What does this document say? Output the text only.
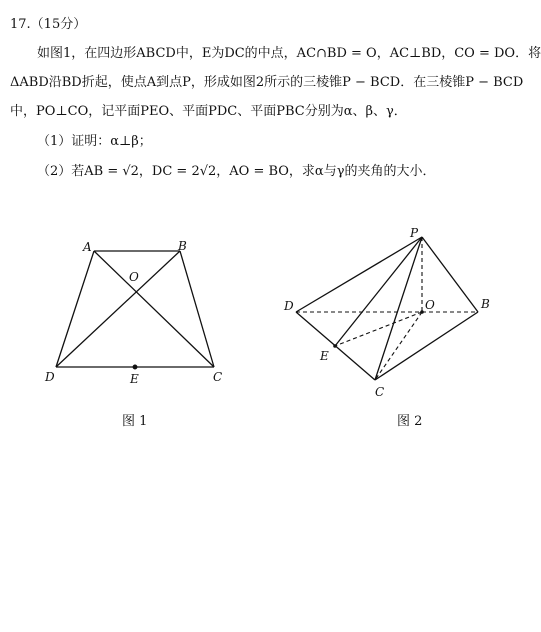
17.（15分）
如图1，在四边形ABCD中，E为DC的中点，AC∩BD = O，AC⊥BD，CO = DO．将
ΔABD沿BD折起，使点A到点P，形成如图2所示的三棱锥P − BCD．在三棱锥P − BCD
中，PO⊥CO，记平面PEO、平面PDC、平面PBC分别为α、β、γ．
（1）证明：α⊥β；
（2）若AB = √2，DC = 2√2，AO = BO，求α与γ的夹角的大小．
A	B
O
D	E	C
P
D	O	B
E
C
图 1	图 2
